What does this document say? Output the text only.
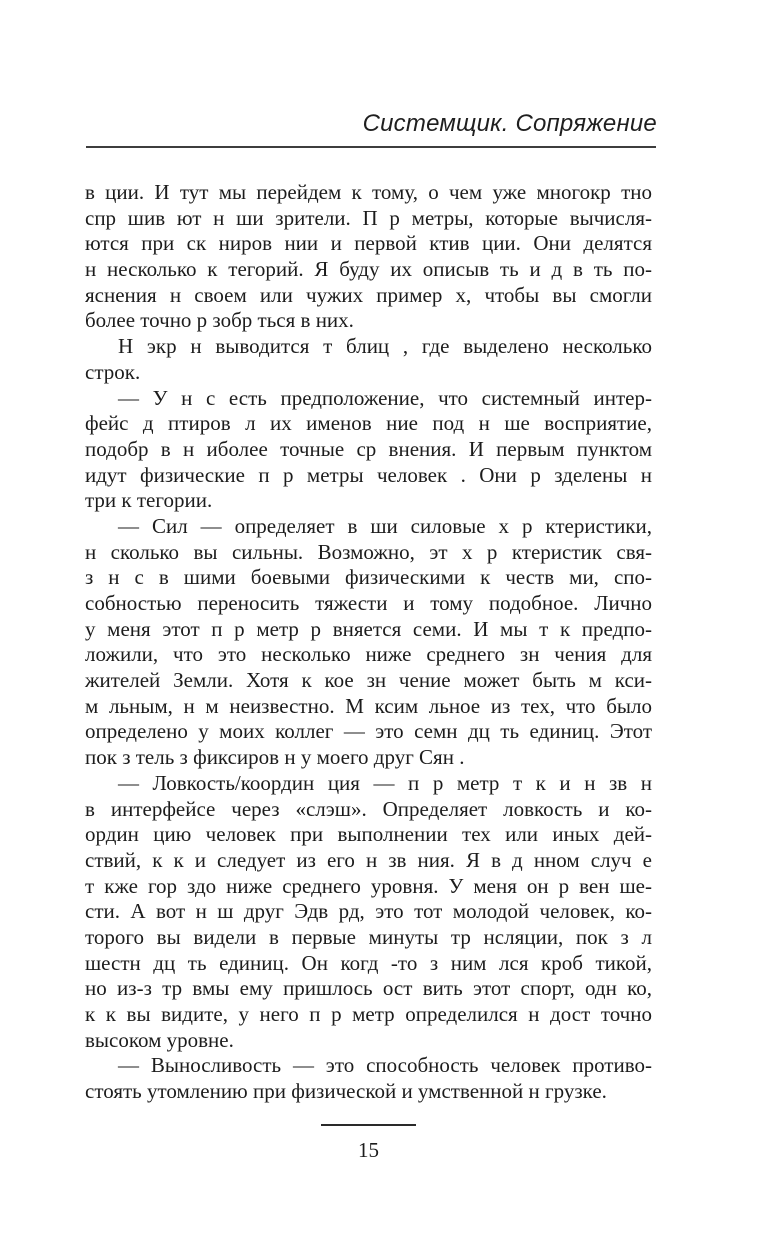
Системщик. Сопряжение
в ции. И тут мы перейдем к тому, о чем уже многокр тно
спр шив ют н ши зрители. П р метры, которые вычисля-
ются при ск ниров нии и первой ктив ции. Они делятся
н несколько к тегорий. Я буду их описыв ть и д в ть по-
яснения н своем или чужих пример х, чтобы вы смогли
более точно р зобр ться в них.
Н экр н выводится т блиц , где выделено несколько
строк.
— У н с есть предположение, что системный интер-
фейс д птиров л их именов ние под н ше восприятие,
подобр в н иболее точные ср внения. И первым пунктом
идут физические п р метры человек . Они р зделены н
три к тегории.
— Сил — определяет в ши силовые х р ктеристики,
н сколько вы сильны. Возможно, эт х р ктеристик свя-
з н с в шими боевыми физическими к честв ми, спо-
собностью переносить тяжести и тому подобное. Лично
у меня этот п р метр р вняется семи. И мы т к предпо-
ложили, что это несколько ниже среднего зн чения для
жителей Земли. Хотя к кое зн чение может быть м кси-
м льным, н м неизвестно. М ксим льное из тех, что было
определено у моих коллег — это семн дц ть единиц. Этот
пок з тель з фиксиров н у моего друг Сян .
— Ловкость/координ ция — п р метр т к и н зв н
в интерфейсе через «слэш». Определяет ловкость и ко-
ордин цию человек при выполнении тех или иных дей-
ствий, к к и следует из его н зв ния. Я в д нном случ е
т кже гор здо ниже среднего уровня. У меня он р вен ше-
сти. А вот н ш друг Эдв рд, это тот молодой человек, ко-
торого вы видели в первые минуты тр нсляции, пок з л
шестн дц ть единиц. Он когд -то з ним лся кроб тикой,
но из-з тр вмы ему пришлось ост вить этот спорт, одн ко,
к к вы видите, у него п р метр определился н дост точно
высоком уровне.
— Выносливость — это способность человек противо-
стоять утомлению при физической и умственной н грузке.
15
